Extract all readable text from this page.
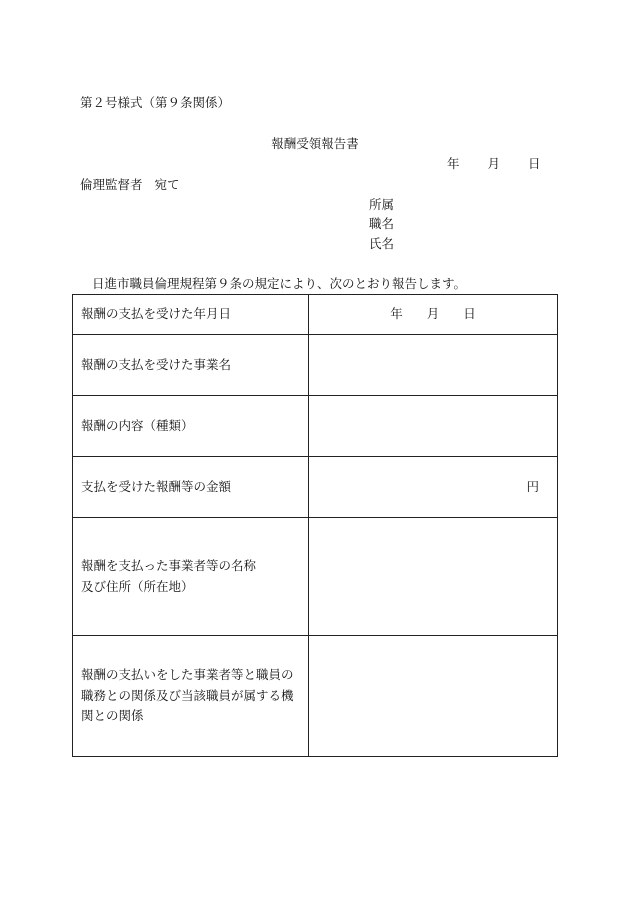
第２号様式（第９条関係）
報酬受領報告書
年 月 日
倫理監督者 宛て
所属
職名
氏名
日進市職員倫理規程第９条の規定により、次のとおり報告します。
報酬の支払を受けた年月日	年 月 日
報酬の支払を受けた事業名	
報酬の内容（種類）	
支払を受けた報酬等の金額	円

報酬を支払った事業者等の名称
及び住所（所在地）	

報酬の支払いをした事業者等と職員の
職務との関係及び当該職員が属する機
関との関係	
